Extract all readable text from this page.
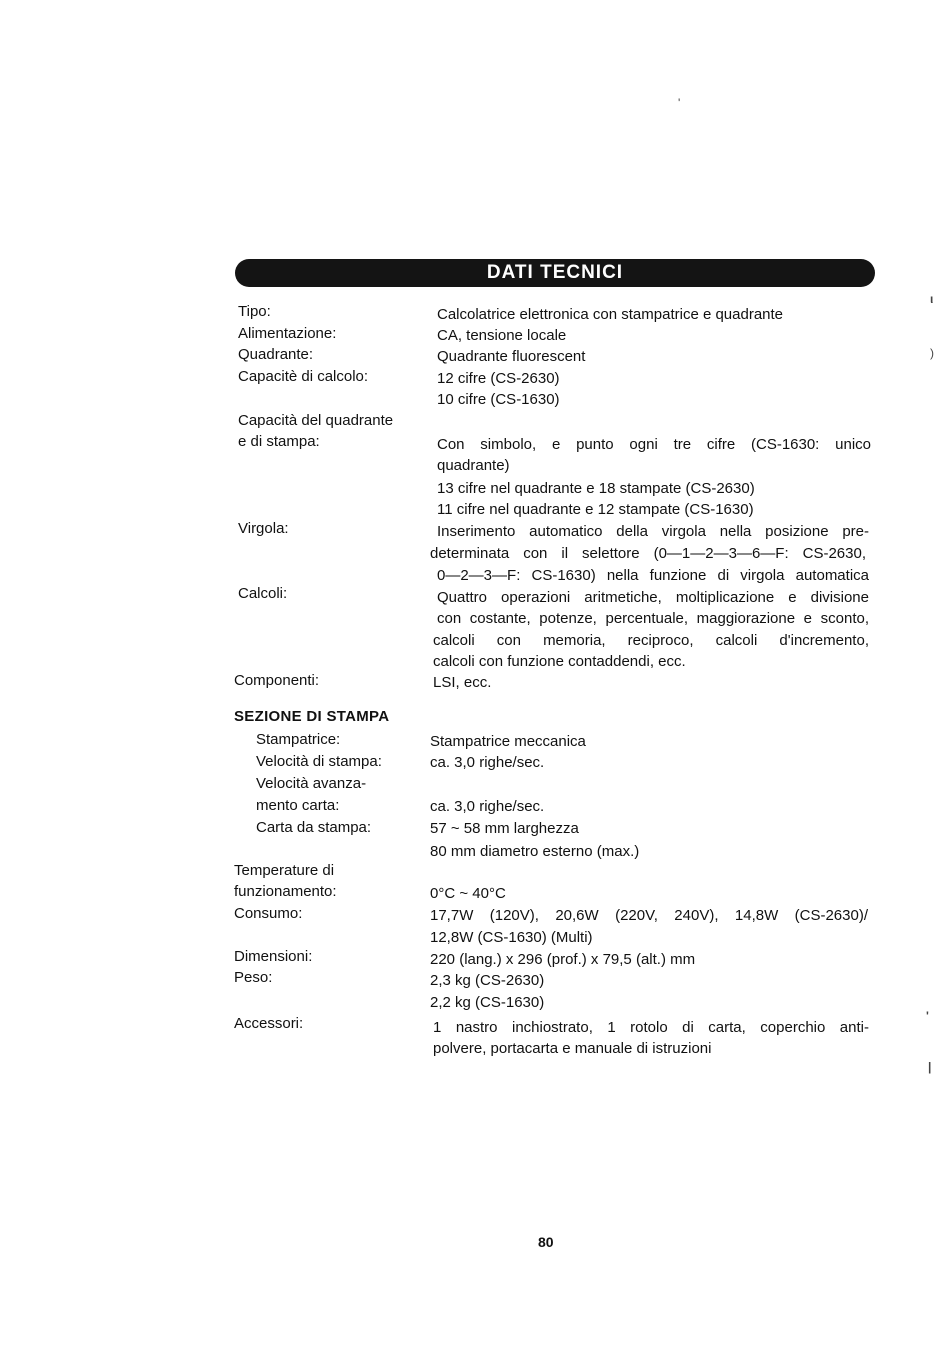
DATI TECNICI
Tipo:	Calcolatrice elettronica con stampatrice e quadrante
Alimentazione:	CA, tensione locale
Quadrante:	Quadrante fluorescent
Capacitè di calcolo:	12 cifre (CS-2630)
10 cifre (CS-1630)
Capacità del quadrante
e di stampa:	Con simbolo, e punto ogni tre cifre (CS-1630: unico
quadrante)
13 cifre nel quadrante e 18 stampate (CS-2630)
11 cifre nel quadrante e 12 stampate (CS-1630)
Virgola:	Inserimento automatico della virgola nella posizione pre-
determinata con il selettore (0—1—2—3—6—F: CS-2630,
0—2—3—F: CS-1630) nella funzione di virgola automatica
Calcoli:	Quattro operazioni aritmetiche, moltiplicazione e divisione
con costante, potenze, percentuale, maggiorazione e sconto,
calcoli con memoria, reciproco, calcoli d'incremento,
calcoli con funzione contaddendi, ecc.
Componenti:	LSI, ecc.
SEZIONE DI STAMPA
Stampatrice:	Stampatrice meccanica
Velocità di stampa:	ca. 3,0 righe/sec.
Velocità avanza-
mento carta:	ca. 3,0 righe/sec.
Carta da stampa:	57 ~ 58 mm larghezza
80 mm diametro esterno (max.)
Temperature di
funzionamento:	0°C ~ 40°C
Consumo:	17,7W (120V), 20,6W (220V, 240V), 14,8W (CS-2630)/
12,8W (CS-1630) (Multi)
Dimensioni:	220 (lang.) x 296 (prof.) x 79,5 (alt.) mm
Peso:	2,3 kg (CS-2630)
2,2 kg (CS-1630)
Accessori:	1 nastro inchiostrato, 1 rotolo di carta, coperchio anti-
polvere, portacarta e manuale di istruzioni
80
'
ι
)
'
|
